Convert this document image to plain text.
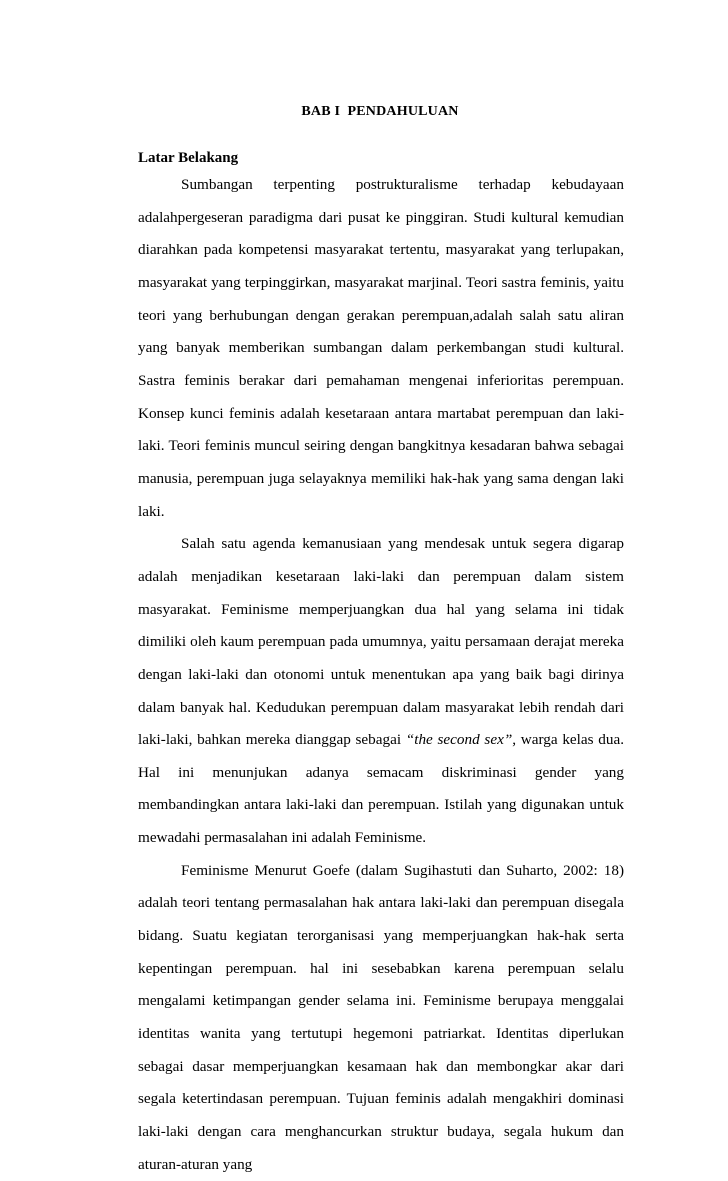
BAB I  PENDAHULUAN
Latar Belakang

Sumbangan terpenting postrukturalisme terhadap kebudayaan adalahpergeseran paradigma dari pusat ke pinggiran. Studi kultural kemudian diarahkan pada kompetensi masyarakat tertentu, masyarakat yang terlupakan, masyarakat yang terpinggirkan, masyarakat marjinal. Teori sastra feminis, yaitu teori yang berhubungan dengan gerakan perempuan,adalah salah satu aliran yang banyak memberikan sumbangan dalam perkembangan studi kultural. Sastra feminis berakar dari pemahaman mengenai inferioritas perempuan. Konsep kunci feminis adalah kesetaraan antara martabat perempuan dan laki-laki. Teori feminis muncul seiring dengan bangkitnya kesadaran bahwa sebagai manusia, perempuan juga selayaknya memiliki hak-hak yang sama dengan laki laki.

Salah satu agenda kemanusiaan yang mendesak untuk segera digarap adalah menjadikan kesetaraan laki-laki dan perempuan dalam sistem masyarakat. Feminisme memperjuangkan dua hal yang selama ini tidak dimiliki oleh kaum perempuan pada umumnya, yaitu persamaan derajat mereka dengan laki-laki dan otonomi untuk menentukan apa yang baik bagi dirinya dalam banyak hal. Kedudukan perempuan dalam masyarakat lebih rendah dari laki-laki, bahkan mereka dianggap sebagai “the second sex”, warga kelas dua. Hal ini menunjukan adanya semacam diskriminasi gender yang membandingkan antara laki-laki dan perempuan. Istilah yang digunakan untuk mewadahi permasalahan ini adalah Feminisme.

Feminisme Menurut Goefe (dalam Sugihastuti dan Suharto, 2002: 18) adalah teori tentang permasalahan hak antara laki-laki dan perempuan disegala bidang. Suatu kegiatan terorganisasi yang memperjuangkan hak-hak serta kepentingan perempuan. hal ini sesebabkan karena perempuan selalu mengalami ketimpangan gender selama ini. Feminisme berupaya menggalai identitas wanita yang tertutupi hegemoni patriarkat. Identitas diperlukan sebagai dasar memperjuangkan kesamaan hak dan membongkar akar dari segala ketertindasan perempuan. Tujuan feminis adalah mengakhiri dominasi laki-laki dengan cara menghancurkan struktur budaya, segala hukum dan aturan-aturan yang
